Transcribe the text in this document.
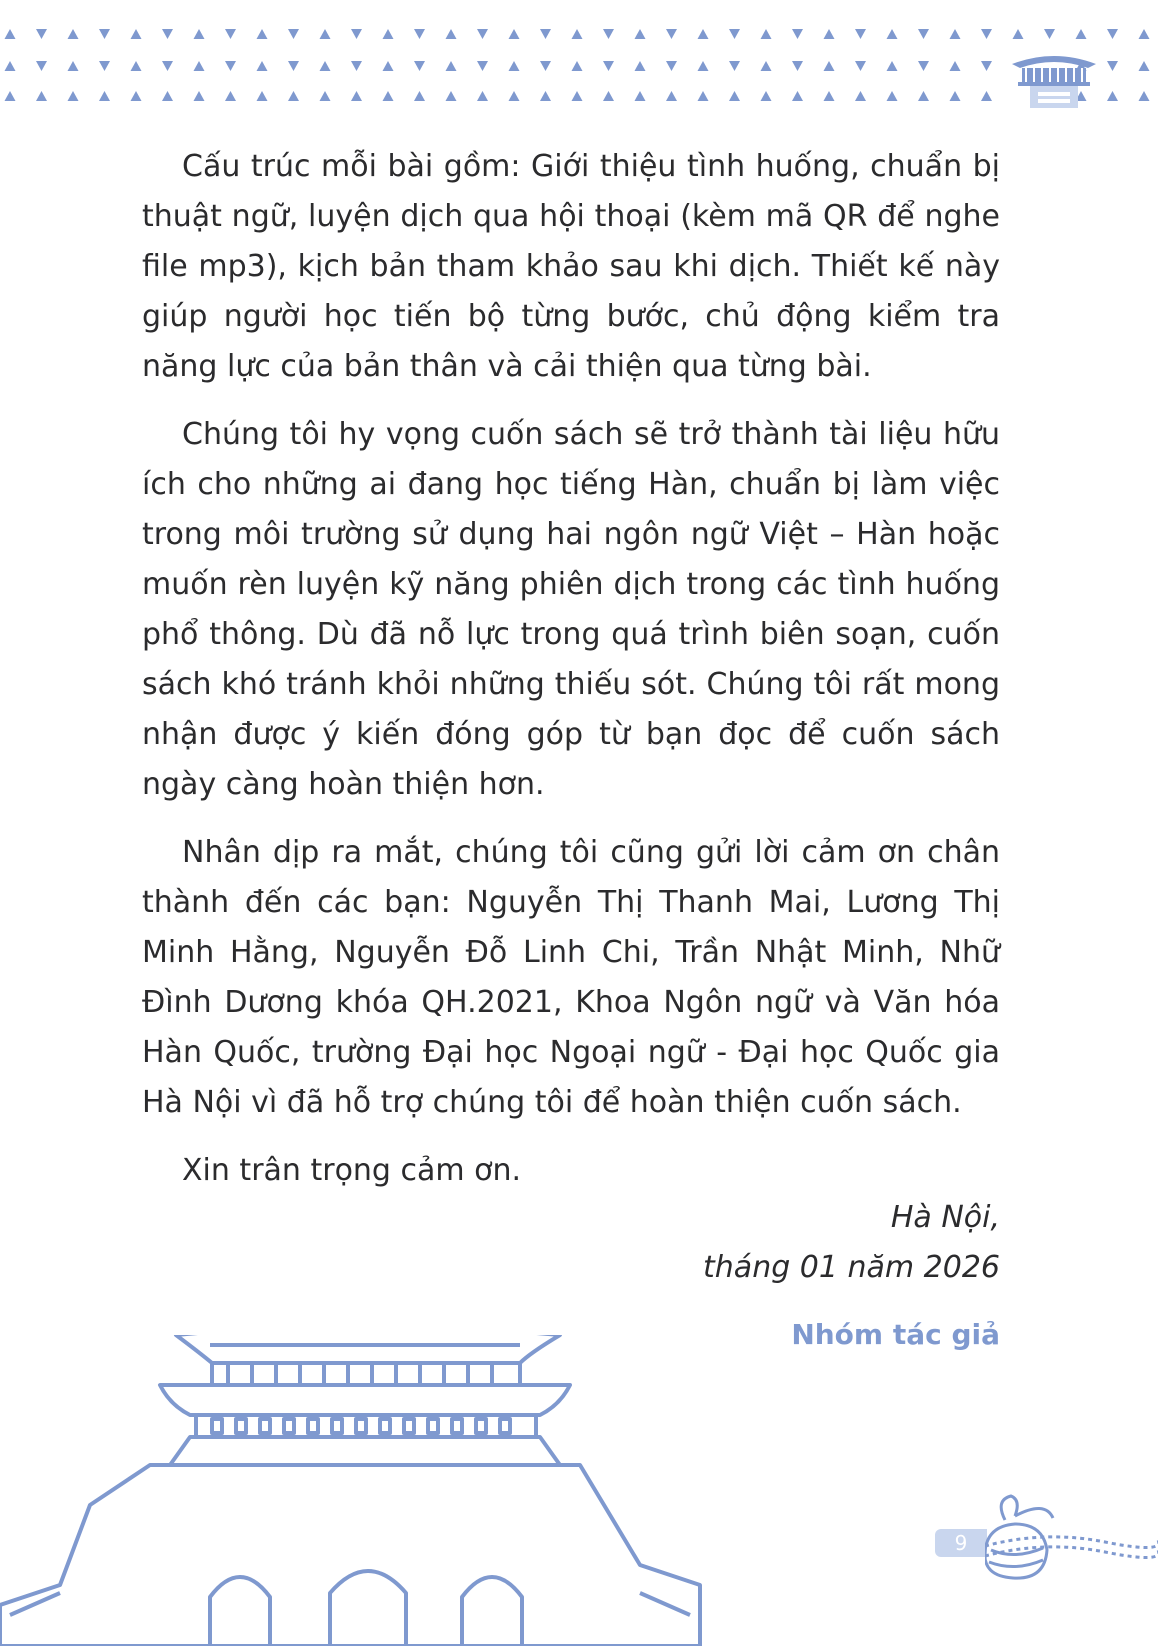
Cấu trúc mỗi bài gồm: Giới thiệu tình huống, chuẩn bị thuật ngữ, luyện dịch qua hội thoại (kèm mã QR để nghe file mp3), kịch bản tham khảo sau khi dịch. Thiết kế này giúp người học tiến bộ từng bước, chủ động kiểm tra năng lực của bản thân và cải thiện qua từng bài.

Chúng tôi hy vọng cuốn sách sẽ trở thành tài liệu hữu ích cho những ai đang học tiếng Hàn, chuẩn bị làm việc trong môi trường sử dụng hai ngôn ngữ Việt – Hàn hoặc muốn rèn luyện kỹ năng phiên dịch trong các tình huống phổ thông. Dù đã nỗ lực trong quá trình biên soạn, cuốn sách khó tránh khỏi những thiếu sót. Chúng tôi rất mong nhận được ý kiến đóng góp từ bạn đọc để cuốn sách ngày càng hoàn thiện hơn.

Nhân dịp ra mắt, chúng tôi cũng gửi lời cảm ơn chân thành đến các bạn: Nguyễn Thị Thanh Mai, Lương Thị Minh Hằng, Nguyễn Đỗ Linh Chi, Trần Nhật Minh, Nhữ Đình Dương khóa QH.2021, Khoa Ngôn ngữ và Văn hóa Hàn Quốc, trường Đại học Ngoại ngữ - Đại học Quốc gia Hà Nội vì đã hỗ trợ chúng tôi để hoàn thiện cuốn sách.

Xin trân trọng cảm ơn.

Hà Nội,
tháng 01 năm 2026
Nhóm tác giả
9
